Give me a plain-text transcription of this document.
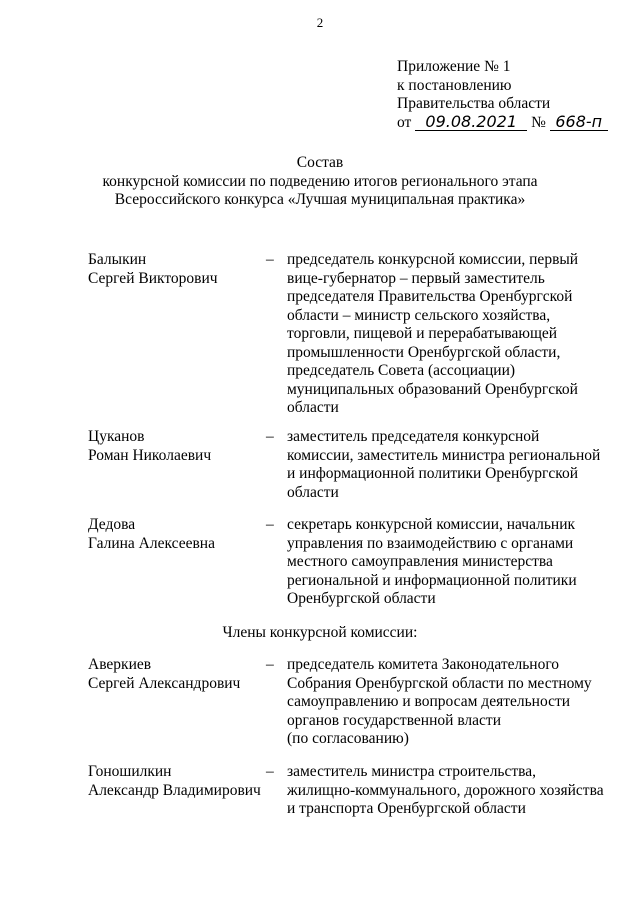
2
Приложение № 1
к постановлению
Правительства области
от 09.08.2021 № 668-п
Состав
конкурсной комиссии по подведению итогов регионального этапа
Всероссийского конкурса «Лучшая муниципальная практика»
Балыкин
Сергей Викторович
– председатель конкурсной комиссии, первый вице-губернатор – первый заместитель председателя Правительства Оренбургской области – министр сельского хозяйства, торговли, пищевой и перерабатывающей промышленности Оренбургской области, председатель Совета (ассоциации) муниципальных образований Оренбургской области
Цуканов
Роман Николаевич
– заместитель председателя конкурсной комиссии, заместитель министра региональной и информационной политики Оренбургской области
Дедова
Галина Алексеевна
– секретарь конкурсной комиссии, начальник управления по взаимодействию с органами местного самоуправления министерства региональной и информационной политики Оренбургской области
Члены конкурсной комиссии:
Аверкиев
Сергей Александрович
– председатель комитета Законодательного Собрания Оренбургской области по местному самоуправлению и вопросам деятельности органов государственной власти
(по согласованию)
Гоношилкин
Александр Владимирович
– заместитель министра строительства, жилищно-коммунального, дорожного хозяйства и транспорта Оренбургской области
